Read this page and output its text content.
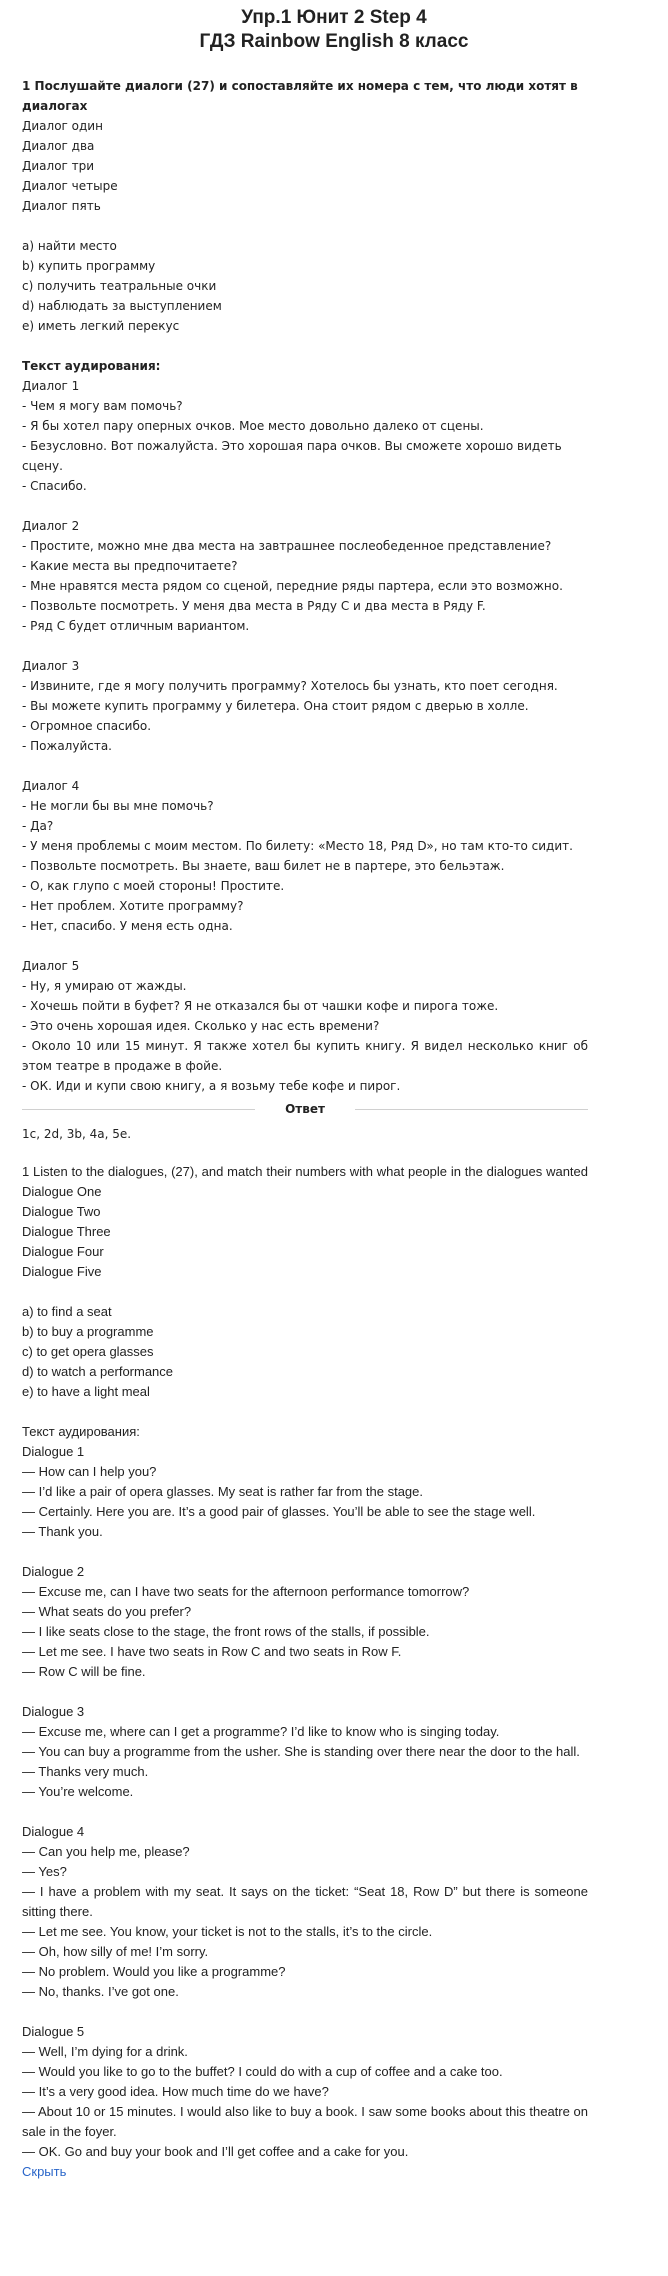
Упр.1 Юнит 2 Step 4
ГДЗ Rainbow English 8 класс

1 Послушайте диалоги (27) и сопоставляйте их номера с тем, что люди хотят в диалогах

Диалог один

Диалог два

Диалог три

Диалог четыре

Диалог пять

a) найти место

b) купить программу

c) получить театральные очки

d) наблюдать за выступлением

e) иметь легкий перекус

Текст аудирования:

Диалог 1

- Чем я могу вам помочь?

- Я бы хотел пару оперных очков. Мое место довольно далеко от сцены.

- Безусловно. Вот пожалуйста. Это хорошая пара очков. Вы сможете хорошо видеть сцену.

- Спасибо.

Диалог 2

- Простите, можно мне два места на завтрашнее послеобеденное представление?

- Какие места вы предпочитаете?

- Мне нравятся места рядом со сценой, передние ряды партера, если это возможно.

- Позвольте посмотреть. У меня два места в Ряду С и два места в Ряду F.

- Ряд С будет отличным вариантом.

Диалог 3

- Извините, где я могу получить программу? Хотелось бы узнать, кто поет сегодня.

- Вы можете купить программу у билетера. Она стоит рядом с дверью в холле.

- Огромное спасибо.

- Пожалуйста.

Диалог 4

- Не могли бы вы мне помочь?

- Да?

- У меня проблемы с моим местом. По билету: «Место 18, Ряд D», но там кто-то сидит.

- Позвольте посмотреть. Вы знаете, ваш билет не в партере, это бельэтаж.

- О, как глупо с моей стороны! Простите.

- Нет проблем. Хотите программу?

- Нет, спасибо. У меня есть одна.

Диалог 5

- Ну, я умираю от жажды.

- Хочешь пойти в буфет? Я не отказался бы от чашки кофе и пирога тоже.

- Это очень хорошая идея. Сколько у нас есть времени?

- Около 10 или 15 минут. Я также хотел бы купить книгу. Я видел несколько книг об этом театре в продаже в фойе.

- ОК. Иди и купи свою книгу, а я возьму тебе кофе и пирог.

Ответ
1c, 2d, 3b, 4a, 5e.

1 Listen to the dialogues, (27), and match their numbers with what people in the dialogues wanted Dialogue One

Dialogue Two

Dialogue Three

Dialogue Four

Dialogue Five

a) to find a seat

b) to buy a programme

c) to get opera glasses

d) to watch a performance

e) to have a light meal

Текст аудирования:

Dialogue 1

— How can I help you?

— I’d like a pair of opera glasses. My seat is rather far from the stage.

— Certainly. Here you are. It’s a good pair of glasses. You’ll be able to see the stage well.

— Thank you.

Dialogue 2

— Excuse me, can I have two seats for the afternoon performance tomorrow?

— What seats do you prefer?

— I like seats close to the stage, the front rows of the stalls, if possible.

— Let me see. I have two seats in Row C and two seats in Row F.

— Row C will be fine.

Dialogue 3

— Excuse me, where can I get a programme? I’d like to know who is singing today.

— You can buy a programme from the usher. She is standing over there near the door to the hall.

— Thanks very much.

— You’re welcome.

Dialogue 4

— Can you help me, please?

— Yes?

— I have a problem with my seat. It says on the ticket: “Seat 18, Row D” but there is someone sitting there.

— Let me see. You know, your ticket is not to the stalls, it’s to the circle.

— Oh, how silly of me! I’m sorry.

— No problem. Would you like a programme?

— No, thanks. I’ve got one.

Dialogue 5

— Well, I’m dying for a drink.

— Would you like to go to the buffet? I could do with a cup of coffee and a cake too.

— It’s a very good idea. How much time do we have?

— About 10 or 15 minutes. I would also like to buy a book. I saw some books about this theatre on sale in the foyer.

— OK. Go and buy your book and I’ll get coffee and a cake for you.

Скрыть
